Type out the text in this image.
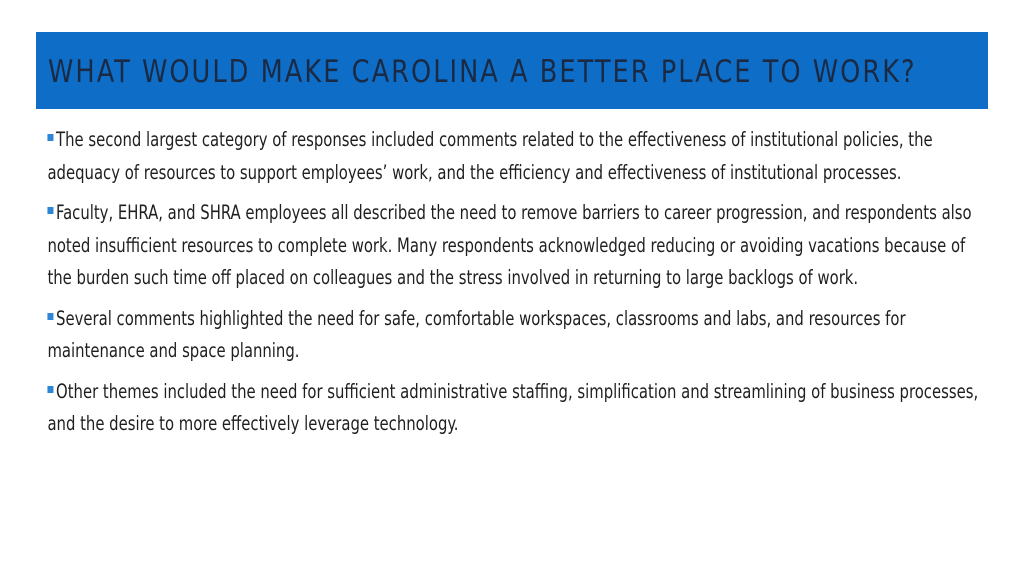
WHAT WOULD MAKE CAROLINA A BETTER PLACE TO WORK?
The second largest category of responses included comments related to the effectiveness of institutional policies, the adequacy of resources to support employees’ work, and the efficiency and effectiveness of institutional processes.
Faculty, EHRA, and SHRA employees all described the need to remove barriers to career progression, and respondents also noted insufficient resources to complete work. Many respondents acknowledged reducing or avoiding vacations because of the burden such time off placed on colleagues and the stress involved in returning to large backlogs of work.
Several comments highlighted the need for safe, comfortable workspaces, classrooms and labs, and resources for maintenance and space planning.
Other themes included the need for sufficient administrative staffing, simplification and streamlining of business processes, and the desire to more effectively leverage technology.
